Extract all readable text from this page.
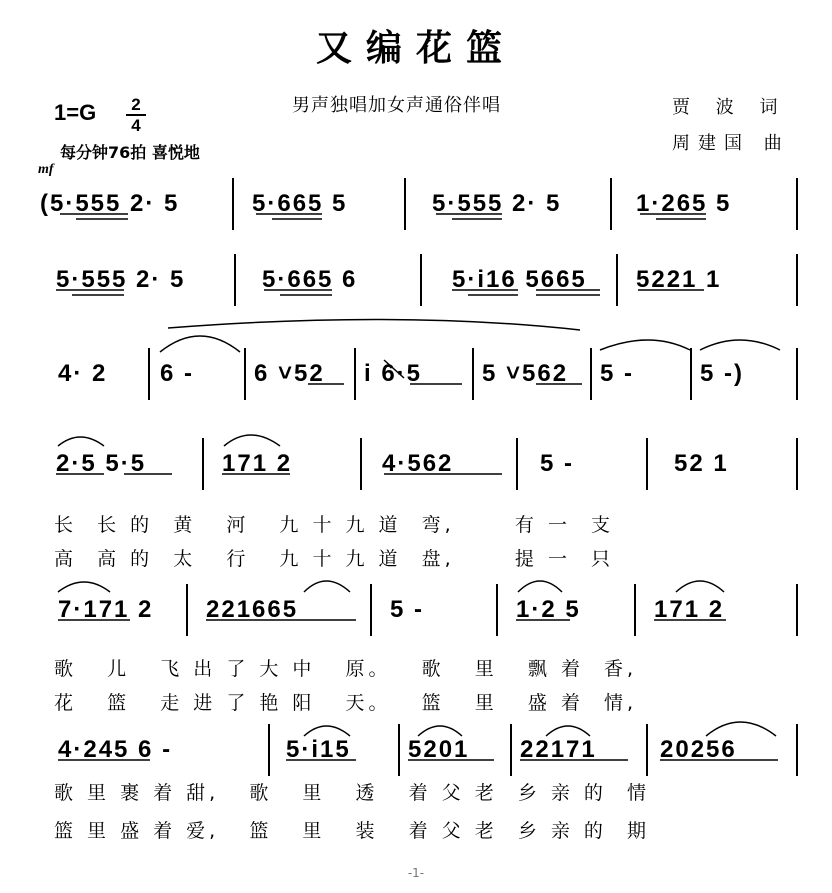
又编花篮
男声独唱加女声通俗伴唱	贾 波 词
周建国 曲
1=G	2
4
每分钟76拍 喜悦地
mf
(5·555 2· 5	5·665 5	5·555 2· 5	1·265 5
5·555 2· 5	5·665 6	5·i16 5665 5221 1
4· 2 6 - 6 ˅52 i 6·5 5 ˅562 5 -	5 -)
2·5 5·5	171 2	4·562	5 -	52 1
长  长 的  黄   河   九 十 九 道  弯,      有 一  支
高  高 的  太   行   九 十 九 道  盘,      提 一  只
7·171 2 221665	5 -	1·2 5	171 2
歌   儿   飞 出 了 大 中   原。   歌   里   飘 着  香,
花   篮   走 进 了 艳 阳   天。   篮   里   盛 着  情,
4·245 6 -	5·i15 5201 22171	20256
歌 里 裹 着 甜,   歌   里   透   着 父 老  乡 亲 的  情
篮 里 盛 着 爱,   篮   里   装   着 父 老  乡 亲 的  期
-1-
